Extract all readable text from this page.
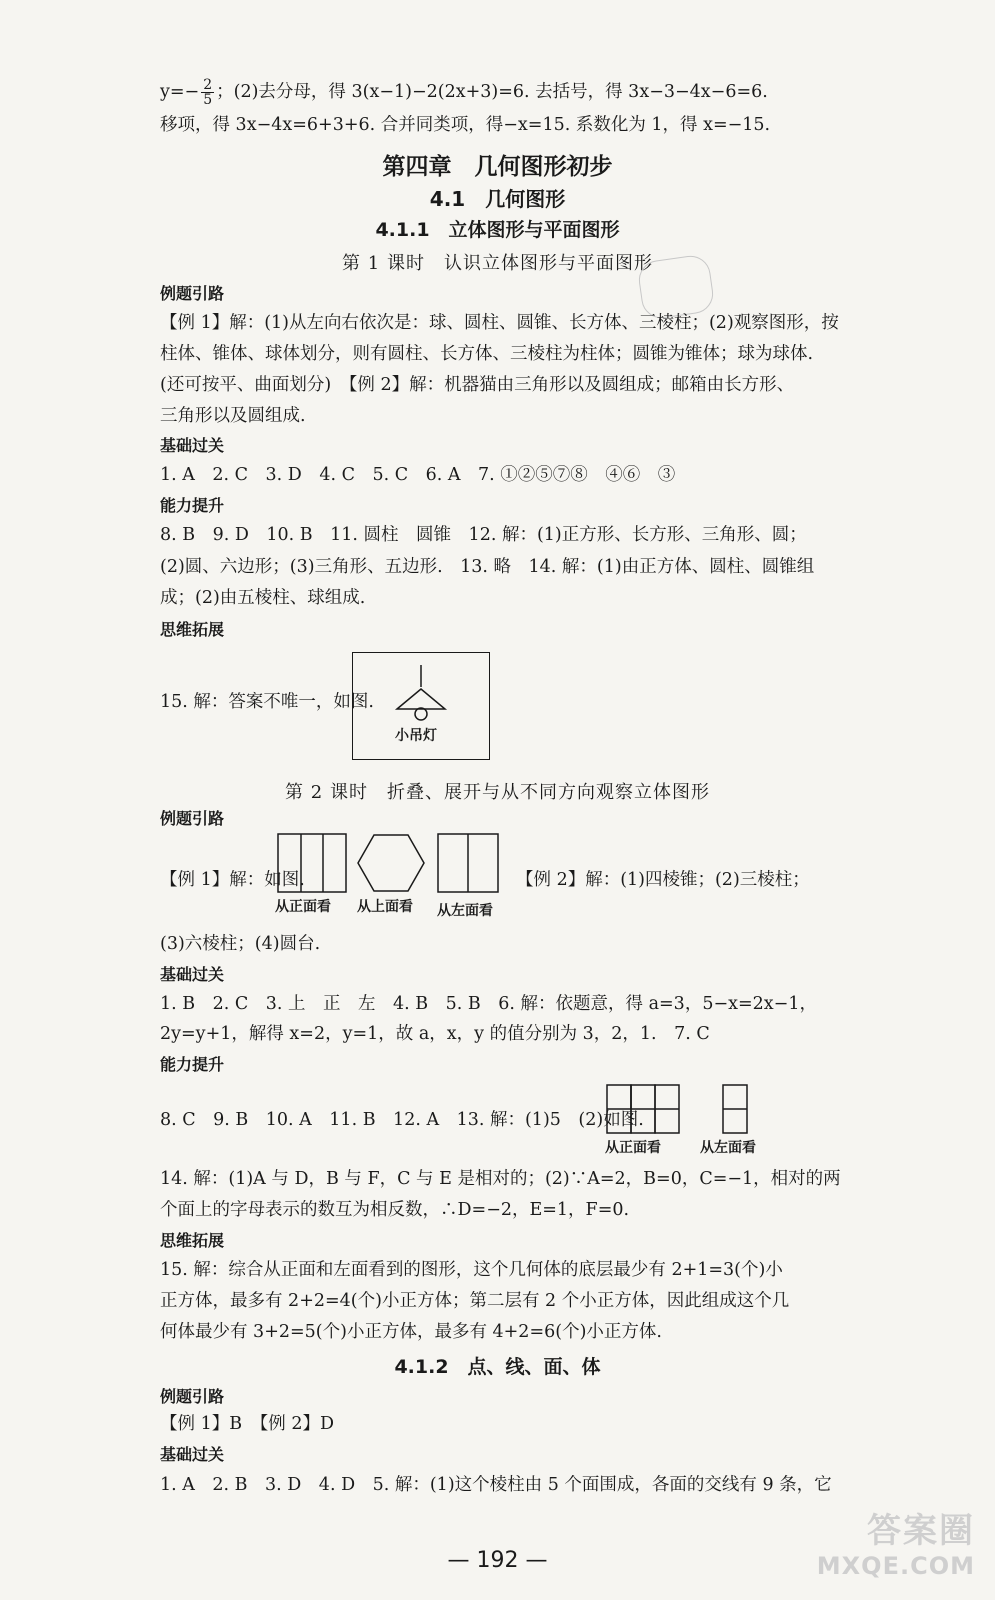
$y=- \frac{2}{5}$ ；(2)去分母，得 3(x−1)−2(2x+3)=6. 去括号，得 3x−3−4x−6=6.
移项，得 3x−4x=6+3+6. 合并同类项，得−x=15. 系数化为 1，得 x=−15.
第四章　几何图形初步
4.1　几何图形
4.1.1　立体图形与平面图形
第 1 课时　认识立体图形与平面图形

例题引路
【例 1】解：(1)从左向右依次是：球、圆柱、圆锥、长方体、三棱柱；(2)观察图形，按
柱体、锥体、球体划分，则有圆柱、长方体、三棱柱为柱体；圆锥为锥体；球为球体.
(还可按平、曲面划分)　【例 2】解：机器猫由三角形以及圆组成；邮箱由长方形、
三角形以及圆组成.
基础过关
1. A　2. C　3. D　4. C　5. C　6. A　7. ①②⑤⑦⑧　④⑥　③
能力提升
8. B　9. D　10. B　11. 圆柱　圆锥　12. 解：(1)正方形、长方形、三角形、圆；
(2)圆、六边形；(3)三角形、五边形.　13. 略　14. 解：(1)由正方体、圆柱、圆锥组
成；(2)由五棱柱、球组成.
思维拓展
15. 解：答案不唯一，如图.
小吊灯
第 2 课时　折叠、展开与从不同方向观察立体图形
例题引路
【例 1】解：如图.
从正面看 从上面看 从左面看
【例 2】解：(1)四棱锥；(2)三棱柱；
(3)六棱柱；(4)圆台.
基础过关
1. B　2. C　3. 上　正　左　4. B　5. B　6. 解：依题意，得 a=3，5−x=2x−1，
2y=y+1，解得 x=2，y=1，故 a，x，y 的值分别为 3，2，1.　7. C
能力提升
8. C　9. B　10. A　11. B　12. A　13. 解：(1)5　(2)如图.
从正面看	从左面看
14. 解：(1)A 与 D，B 与 F，C 与 E 是相对的；(2)∵A=2，B=0，C=−1，相对的两
个面上的字母表示的数互为相反数，∴D=−2，E=1，F=0.
思维拓展
15. 解：综合从正面和左面看到的图形，这个几何体的底层最少有 2+1=3(个)小
正方体，最多有 2+2=4(个)小正方体；第二层有 2 个小正方体，因此组成这个几
何体最少有 3+2=5(个)小正方体，最多有 4+2=6(个)小正方体.
4.1.2　点、线、面、体
例题引路
【例 1】B　【例 2】D
基础过关
1. A　2. B　3. D　4. D　5. 解：(1)这个棱柱由 5 个面围成，各面的交线有 9 条，它
— 192 —
答案圈
MXQE.COM
